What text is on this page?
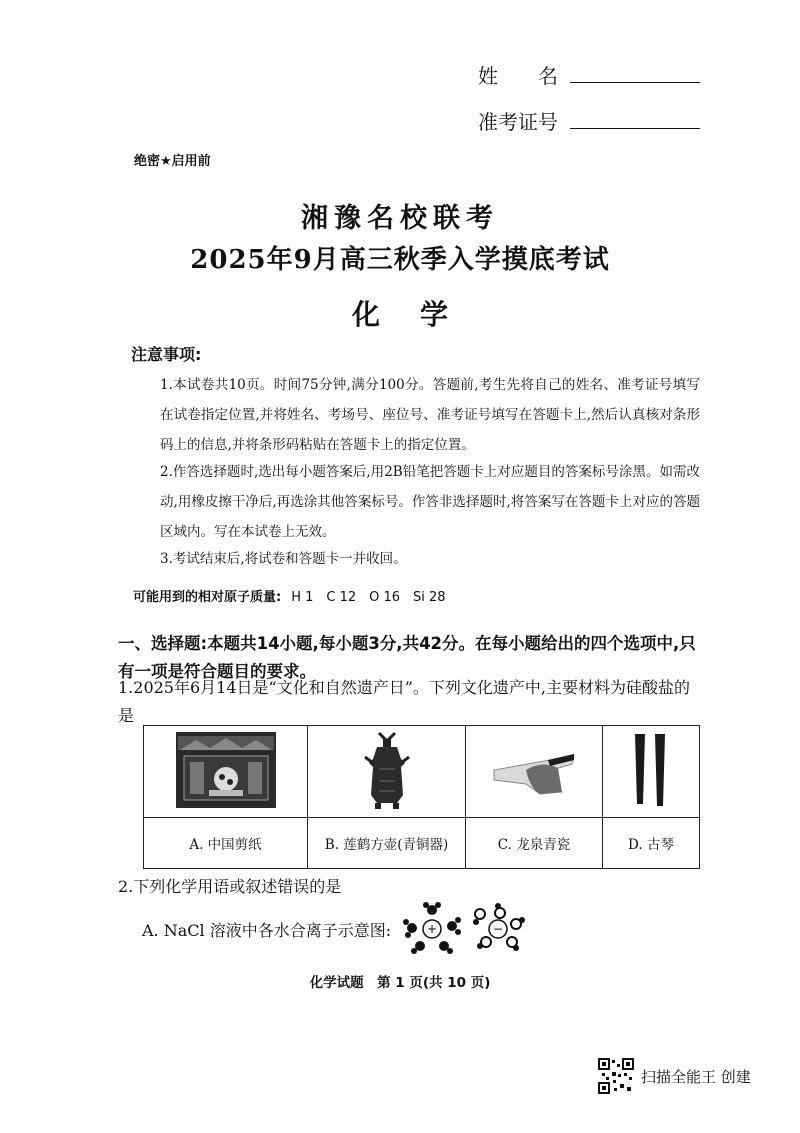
姓　　名
准考证号
绝密★启用前
湘豫名校联考
2025年9月高三秋季入学摸底考试
化学
注意事项:

1.本试卷共10页。时间75分钟,满分100分。答题前,考生先将自己的姓名、准考证号填写在试卷指定位置,并将姓名、考场号、座位号、准考证号填写在答题卡上,然后认真核对条形码上的信息,并将条形码粘贴在答题卡上的指定位置。

2.作答选择题时,选出每小题答案后,用2B铅笔把答题卡上对应题目的答案标号涂黑。如需改动,用橡皮擦干净后,再选涂其他答案标号。作答非选择题时,将答案写在答题卡上对应的答题区域内。写在本试卷上无效。

3.考试结束后,将试卷和答题卡一并收回。

可能用到的相对原子质量: H 1　C 12　O 16　Si 28
一、选择题:本题共14小题,每小题3分,共42分。在每小题给出的四个选项中,只有一项是符合题目的要求。
1.2025年6月14日是“文化和自然遗产日”。下列文化遗产中,主要材料为硅酸盐的是

A. 中国剪纸	B. 莲鹤方壶(青铜器)	C. 龙泉青瓷	D. 古琴
2.下列化学用语或叙述错误的是
A. NaCl 溶液中各水合离子示意图:	+	−
化学试题　第 1 页(共 10 页)
扫描全能王 创建
